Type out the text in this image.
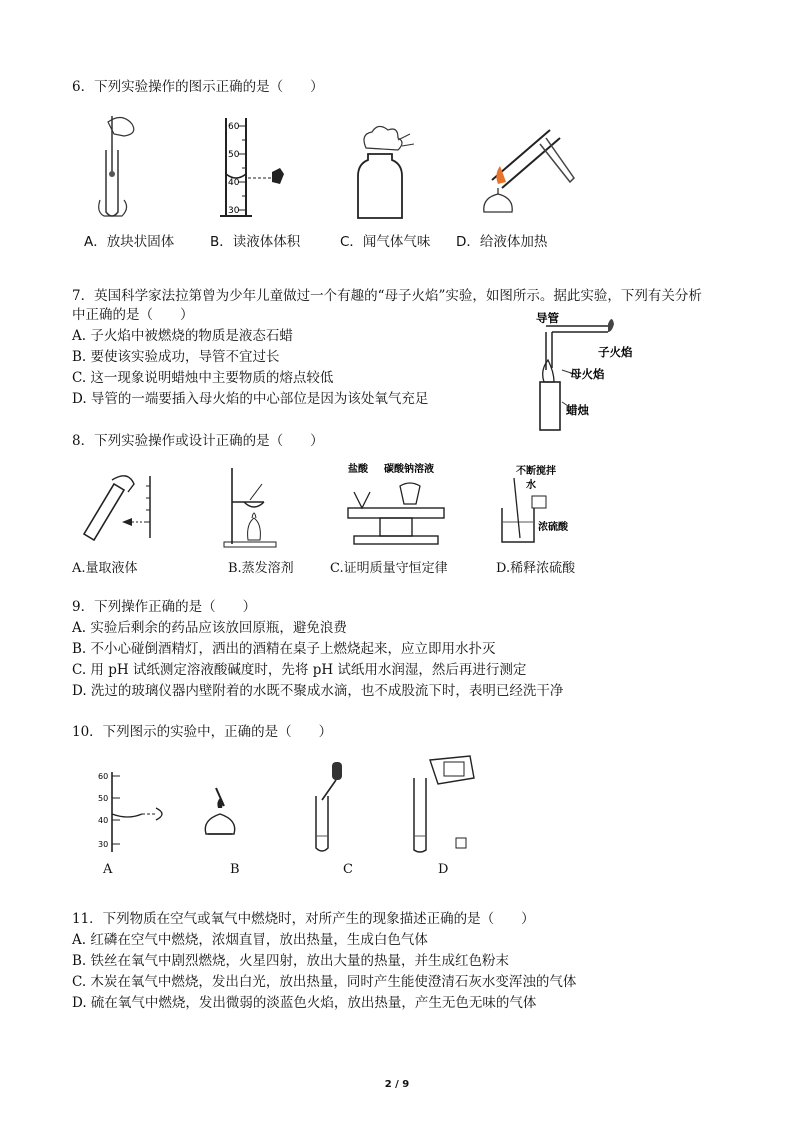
6．下列实验操作的图示正确的是（　　）
60
50
40
30
A．放块状固体	B．读液体体积	C．闻气体气味 D．给液体加热
7．英国科学家法拉第曾为少年儿童做过一个有趣的“母子火焰”实验，如图所示。据此实验，下列有关分析
中正确的是（　　）
A. 子火焰中被燃烧的物质是液态石蜡
B. 要使该实验成功，导管不宜过长
C. 这一现象说明蜡烛中主要物质的熔点较低
D. 导管的一端要插入母火焰的中心部位是因为该处氧气充足
导管
子火焰
母火焰
蜡烛
8．下列实验操作或设计正确的是（　　）
盐酸 碳酸钠溶液	不断搅拌
水
浓硫酸
A.量取液体	B.蒸发溶剂	C.证明质量守恒定律	D.稀释浓硫酸
9．下列操作正确的是（　　）
A. 实验后剩余的药品应该放回原瓶，避免浪费
B. 不小心碰倒酒精灯，洒出的酒精在桌子上燃烧起来，应立即用水扑灭
C. 用 pH 试纸测定溶液酸碱度时，先将 pH 试纸用水润湿，然后再进行测定
D. 洗过的玻璃仪器内壁附着的水既不聚成水滴，也不成股流下时，表明已经洗干净
10．下列图示的实验中，正确的是（　　）
60
50
40
30
A	B	C	D
11．下列物质在空气或氧气中燃烧时，对所产生的现象描述正确的是（　　）
A. 红磷在空气中燃烧，浓烟直冒，放出热量，生成白色气体
B. 铁丝在氧气中剧烈燃烧，火星四射，放出大量的热量，并生成红色粉末
C. 木炭在氧气中燃烧，发出白光，放出热量，同时产生能使澄清石灰水变浑浊的气体
D. 硫在氧气中燃烧，发出微弱的淡蓝色火焰，放出热量，产生无色无味的气体
2 / 9
